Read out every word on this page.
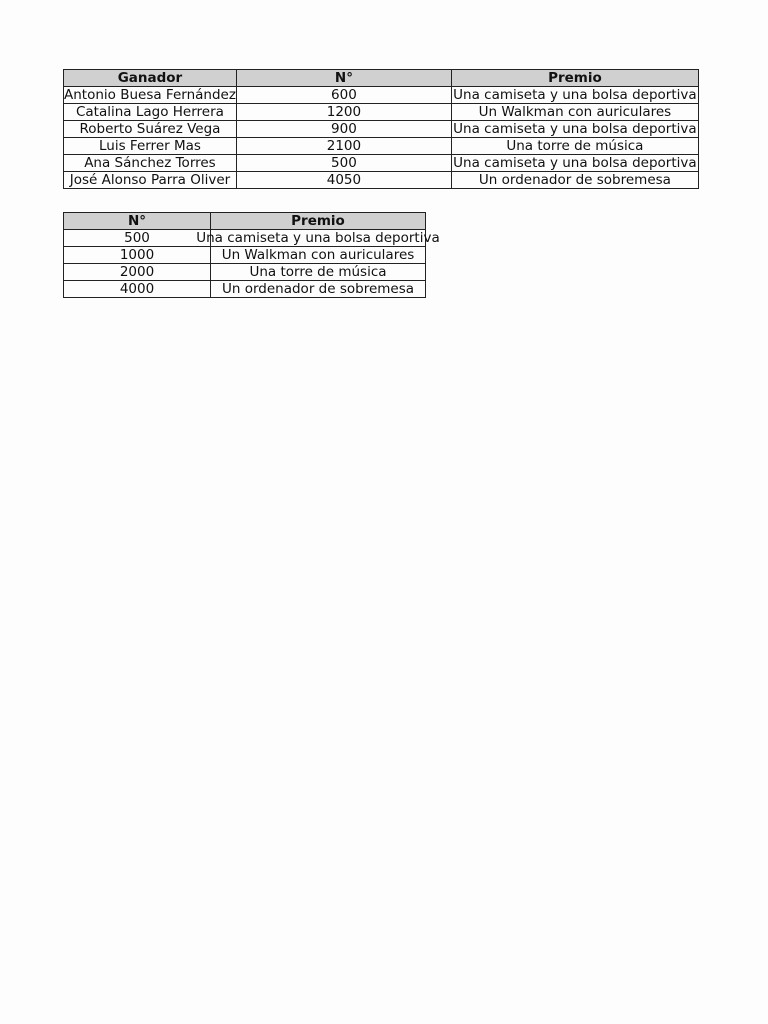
Ganador	N°	Premio
Antonio Buesa Fernández	600	Una camiseta y una bolsa deportiva
Catalina Lago Herrera	1200	Un Walkman con auriculares
Roberto Suárez Vega	900	Una camiseta y una bolsa deportiva
Luis Ferrer Mas	2100	Una torre de música
Ana Sánchez Torres	500	Una camiseta y una bolsa deportiva
José Alonso Parra Oliver	4050	Un ordenador de sobremesa
N°	Premio
500	Una camiseta y una bolsa deportiva

1000	Un Walkman con auriculares
2000	Una torre de música
4000	Un ordenador de sobremesa
